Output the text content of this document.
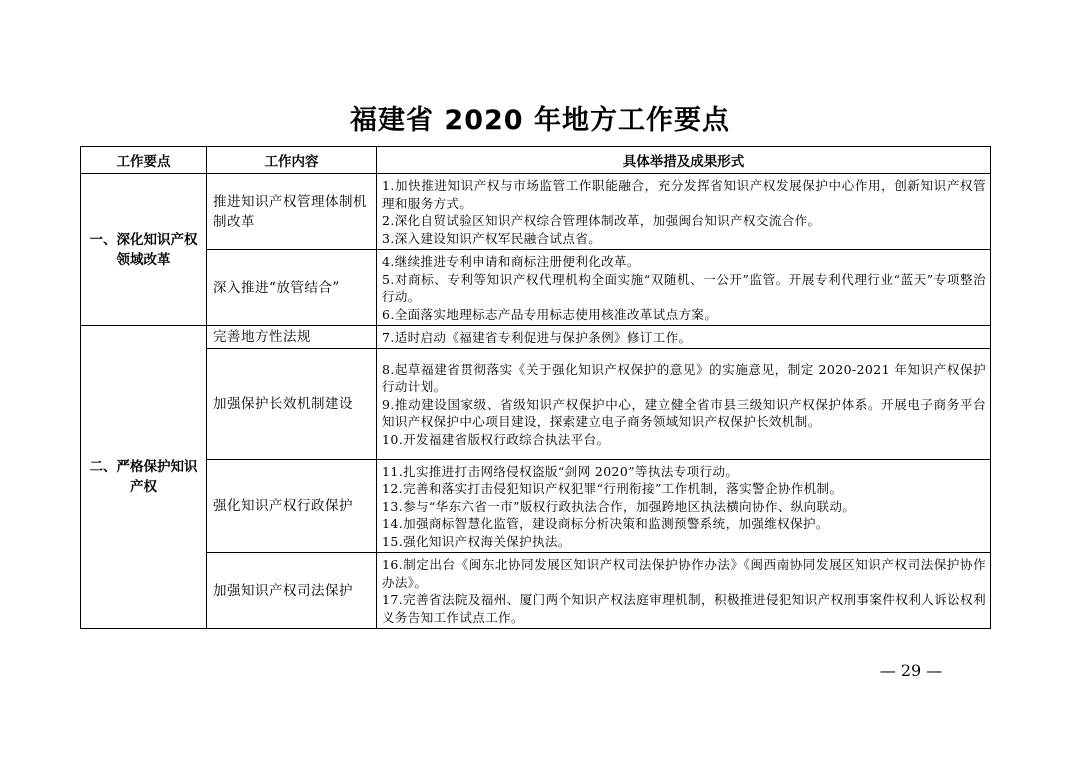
福建省 2020 年地方工作要点
工作要点	工作内容	具体举措及成果形式
一、深化知识产权领域改革	推进知识产权管理体制机制改革	1.加快推进知识产权与市场监管工作职能融合，充分发挥省知识产权发展保护中心作用，创新知识产权管理和服务方式。

2.深化自贸试验区知识产权综合管理体制改革，加强闽台知识产权交流合作。

3.深入建设知识产权军民融合试点省。

	深入推进“放管结合”	4.继续推进专利申请和商标注册便利化改革。

5.对商标、专利等知识产权代理机构全面实施“双随机、一公开”监管。开展专利代理行业“蓝天”专项整治行动。

6.全面落实地理标志产品专用标志使用核准改革试点方案。

二、严格保护知识产权	完善地方性法规	7.适时启动《福建省专利促进与保护条例》修订工作。

	加强保护长效机制建设	8.起草福建省贯彻落实《关于强化知识产权保护的意见》的实施意见，制定 2020-2021 年知识产权保护行动计划。

9.推动建设国家级、省级知识产权保护中心，建立健全省市县三级知识产权保护体系。开展电子商务平台知识产权保护中心项目建设，探索建立电子商务领域知识产权保护长效机制。

10.开发福建省版权行政综合执法平台。

	强化知识产权行政保护	11.扎实推进打击网络侵权盗版“剑网 2020”等执法专项行动。

12.完善和落实打击侵犯知识产权犯罪“行刑衔接”工作机制，落实警企协作机制。

13.参与“华东六省一市”版权行政执法合作，加强跨地区执法横向协作、纵向联动。

14.加强商标智慧化监管，建设商标分析决策和监测预警系统，加强维权保护。

15.强化知识产权海关保护执法。

	加强知识产权司法保护	16.制定出台《闽东北协同发展区知识产权司法保护协作办法》《闽西南协同发展区知识产权司法保护协作办法》。

17.完善省法院及福州、厦门两个知识产权法庭审理机制，积极推进侵犯知识产权刑事案件权利人诉讼权利义务告知工作试点工作。

— 29 —
